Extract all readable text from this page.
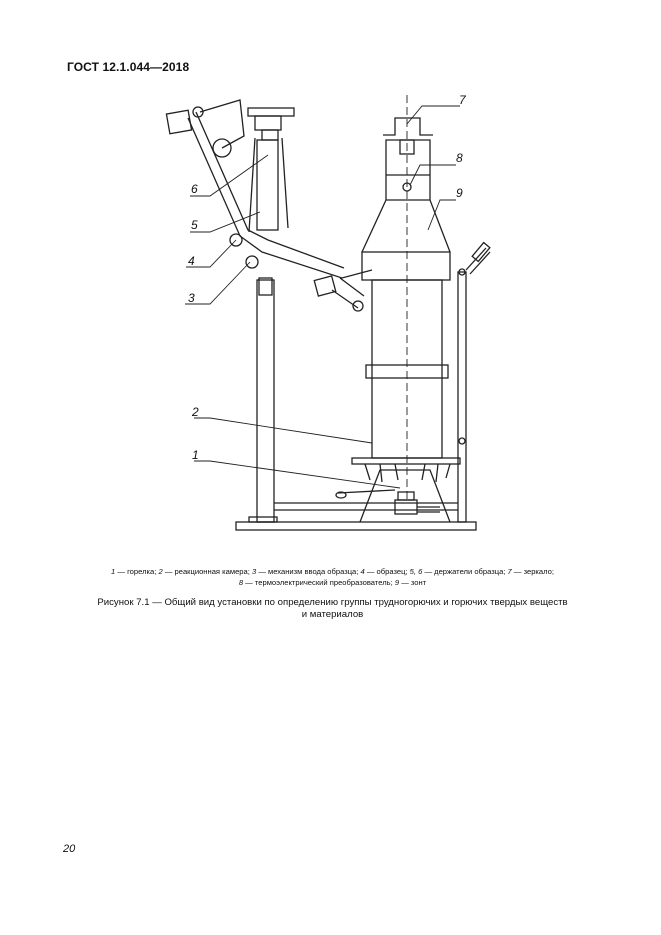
ГОСТ 12.1.044—2018
1
2
3
4
5
6
7
8
9
1 — горелка; 2 — реакционная камера; 3 — механизм ввода образца; 4 — образец; 5, 6 — держатели образца; 7 — зеркало;
8 — термоэлектрический преобразователь; 9 — зонт
Рисунок 7.1 — Общий вид установки по определению группы трудногорючих и горючих твердых веществ
и материалов
20
